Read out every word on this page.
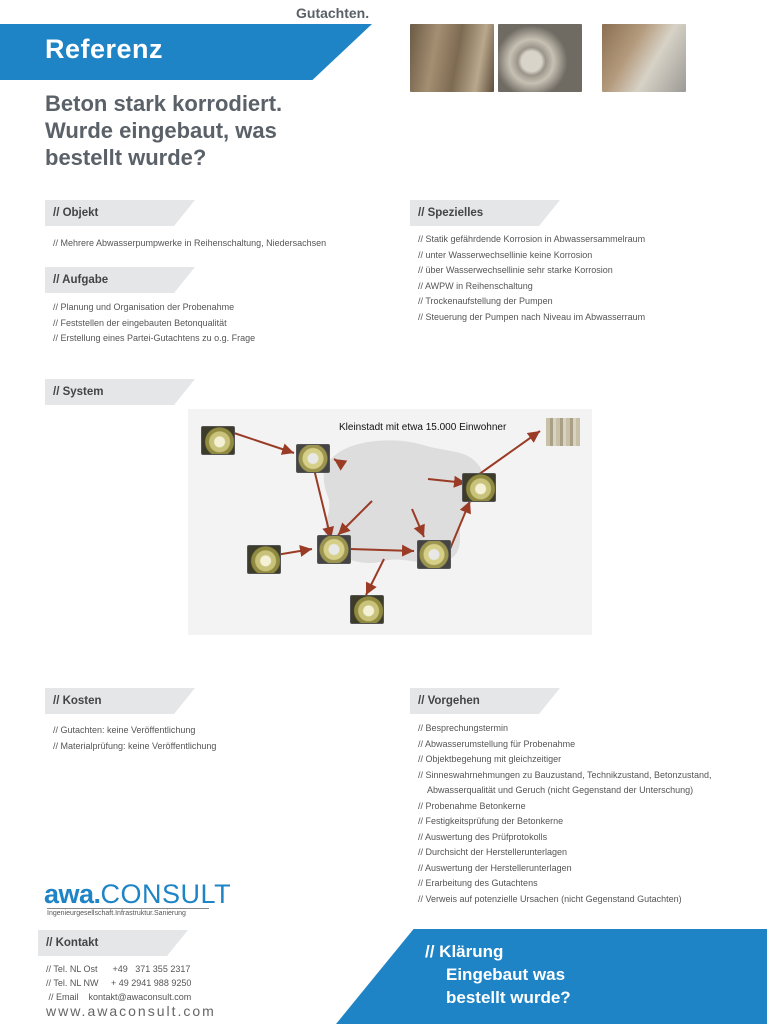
Gutachten.
Referenz
Beton stark korrodiert.
Wurde eingebaut, was
bestellt wurde?
// Objekt
// Mehrere Abwasserpumpwerke in Reihenschaltung, Niedersachsen
// Aufgabe
// Planung und Organisation der Probenahme
// Feststellen der eingebauten Betonqualität
// Erstellung eines Partei-Gutachtens zu o.g. Frage
// Spezielles
// Statik gefährdende Korrosion in Abwassersammelraum
// unter Wasserwechsellinie keine Korrosion
// über Wasserwechsellinie sehr starke Korrosion
// AWPW in Reihenschaltung
// Trockenaufstellung der Pumpen
// Steuerung der Pumpen nach Niveau im Abwasserraum
// System
Kleinstadt mit etwa 15.000 Einwohner
// Kosten
// Gutachten: keine Veröffentlichung
// Materialprüfung: keine Veröffentlichung
// Vorgehen
// Besprechungstermin
// Abwasserumstellung für Probenahme
// Objektbegehung mit gleichzeitiger
// Sinneswahrnehmungen zu Bauzustand, Technikzustand, Betonzustand,
Abwasserqualität und Geruch (nicht Gegenstand der Unterschung)
// Probenahme Betonkerne
// Festigkeitsprüfung der Betonkerne
// Auswertung des Prüfprotokolls
// Durchsicht der Herstellerunterlagen
// Auswertung der Herstellerunterlagen
// Erarbeitung des Gutachtens
// Verweis auf potenzielle Ursachen (nicht Gegenstand Gutachten)
awa.CONSULT
Ingenieurgesellschaft.Infrastruktur.Sanierung
// Kontakt
// Tel. NL Ost      +49   371 355 2317
// Tel. NL NW     + 49 2941 988 9250
// Email    kontakt@awaconsult.com
www.awaconsult.com
// Klärung
Eingebaut was
bestellt wurde?
